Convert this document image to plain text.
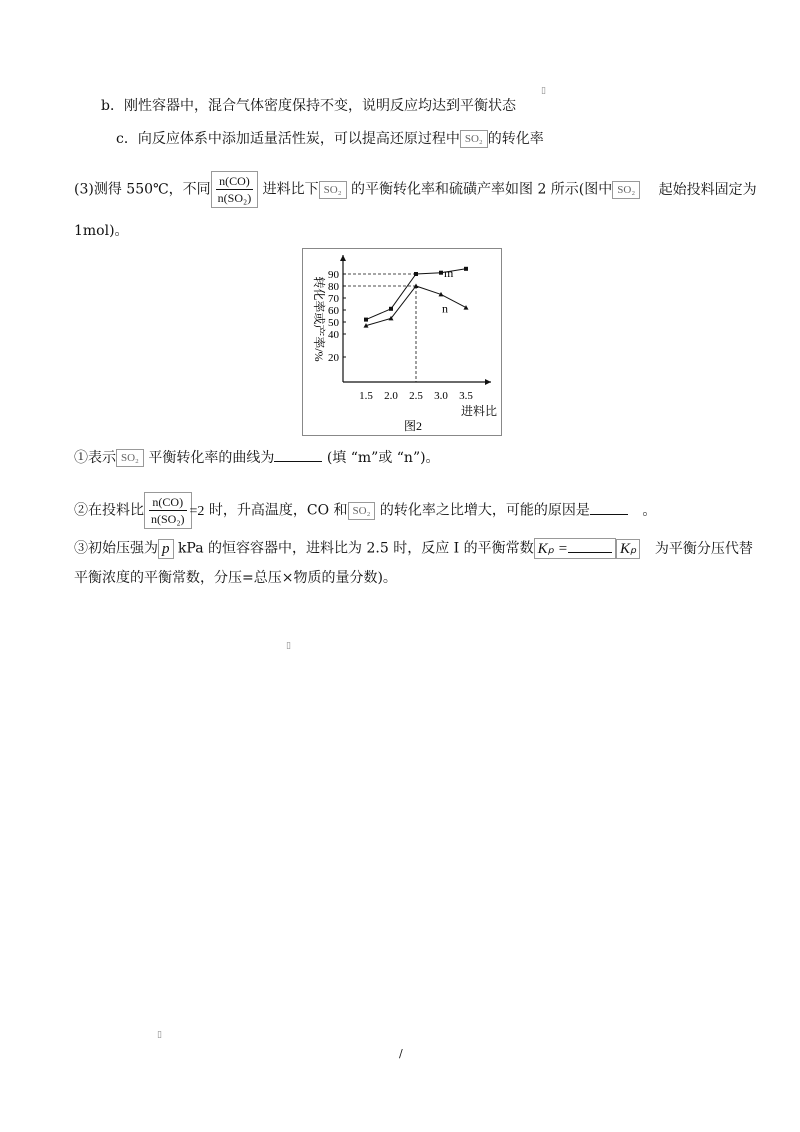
b．刚性容器中，混合气体密度保持不变，说明反应均达到平衡状态
c．向反应体系中添加适量活性炭，可以提高还原过程中 SO₂ 的转化率
(3)测得 550℃，不同 $\frac{n(CO)}{\text{n(SO₂)}}$ 进料比下 SO₂ 的平衡转化率和硫磺产率如图 2 所示(图中 SO₂ 起始投料固定为
1mol)。
20
40
50
60
70
80
90
1.5 2.0 2.5 3.0 3.5
m
n
转化率或产率/%
进料比
图2
①表示 SO₂ 平衡转化率的曲线为	(填 “m”或 “n”)。
②在投料比 $\frac{n(CO)}{\text{n(SO₂)}}$
=2 时，升高温度，CO 和 SO₂ 的转化率之比增大，可能的原因是	。
③初始压强为 p kPa 的恒容容器中，进料比为 2.5 时，反应 I 的平衡常数 Kₚ =	Kₚ 为平衡分压代替
平衡浓度的平衡常数，分压=总压×物质的量分数)。
▯
▯
▯
/
